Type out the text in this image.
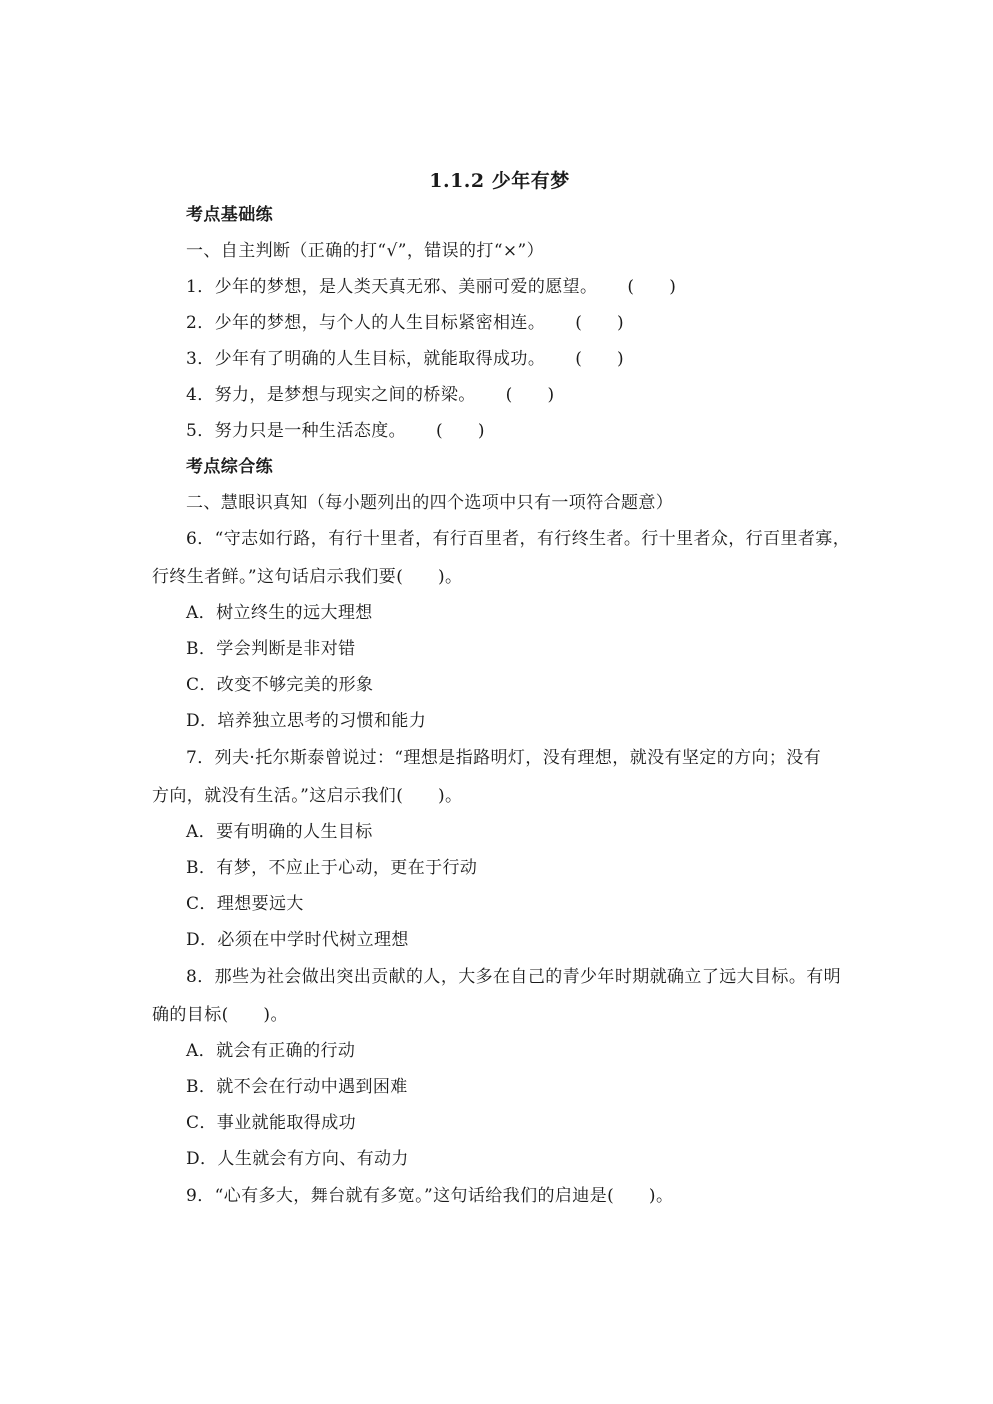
1.1.2 少年有梦
考点基础练
一、自主判断（正确的打“√”，错误的打“×”）
1．少年的梦想，是人类天真无邪、美丽可爱的愿望。 (　　)
2．少年的梦想，与个人的人生目标紧密相连。 (　　)
3．少年有了明确的人生目标，就能取得成功。 (　　)
4．努力，是梦想与现实之间的桥梁。 (　　)
5．努力只是一种生活态度。 (　　)
考点综合练
二、慧眼识真知（每小题列出的四个选项中只有一项符合题意）
6．“守志如行路，有行十里者，有行百里者，有行终生者。行十里者众，行百里者寡，
行终生者鲜。”这句话启示我们要(　　)。
A．树立终生的远大理想
B．学会判断是非对错
C．改变不够完美的形象
D．培养独立思考的习惯和能力
7．列夫·托尔斯泰曾说过：“理想是指路明灯，没有理想，就没有坚定的方向；没有
方向，就没有生活。”这启示我们(　　)。
A．要有明确的人生目标
B．有梦，不应止于心动，更在于行动
C．理想要远大
D．必须在中学时代树立理想
8．那些为社会做出突出贡献的人，大多在自己的青少年时期就确立了远大目标。有明
确的目标(　　)。
A．就会有正确的行动
B．就不会在行动中遇到困难
C．事业就能取得成功
D．人生就会有方向、有动力
9．“心有多大，舞台就有多宽。”这句话给我们的启迪是(　　)。
